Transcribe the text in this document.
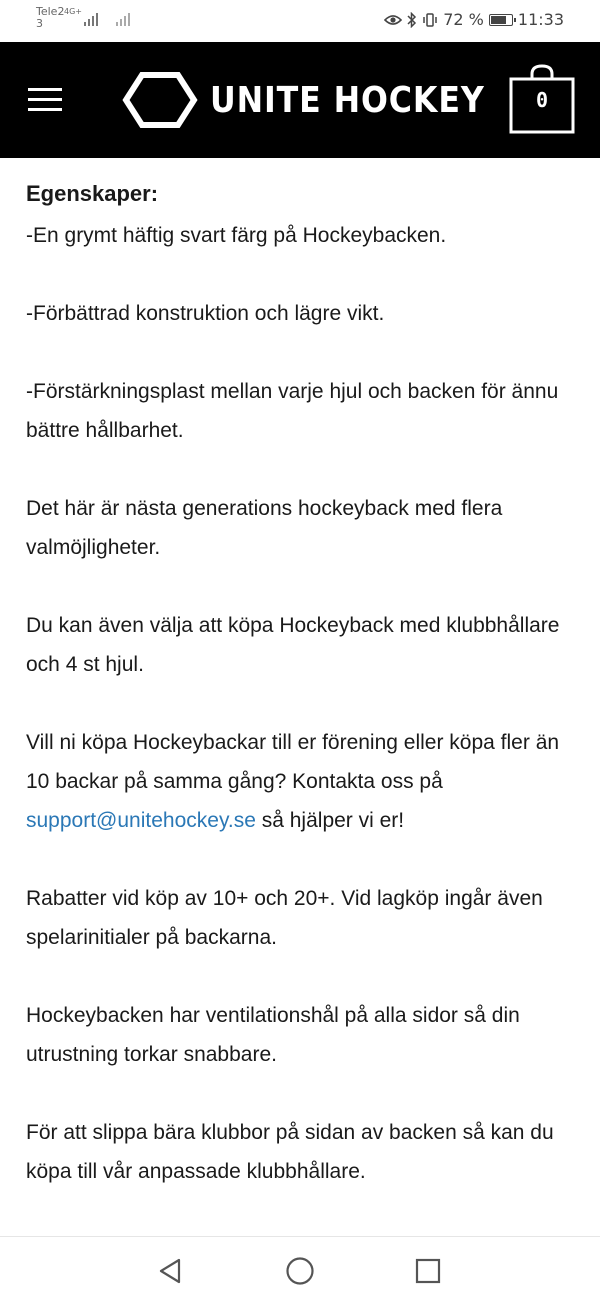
Tele2 4G+

3	72 % 11:33
UNITE HOCKEY	0
Egenskaper:

-En grymt häftig svart färg på Hockeybacken.

-Förbättrad konstruktion och lägre vikt.

-Förstärkningsplast mellan varje hjul och backen för ännu bättre hållbarhet.

Det här är nästa generations hockeyback med flera valmöjligheter.

Du kan även välja att köpa Hockeyback med klubbhållare och 4 st hjul.

Vill ni köpa Hockeybackar till er förening eller köpa fler än 10 backar på samma gång? Kontakta oss på support@unitehockey.se så hjälper vi er!

Rabatter vid köp av 10+ och 20+. Vid lagköp ingår även spelarinitialer på backarna.

Hockeybacken har ventilationshål på alla sidor så din utrustning torkar snabbare.

För att slippa bära klubbor på sidan av backen så kan du köpa till vår anpassade klubbhållare.
